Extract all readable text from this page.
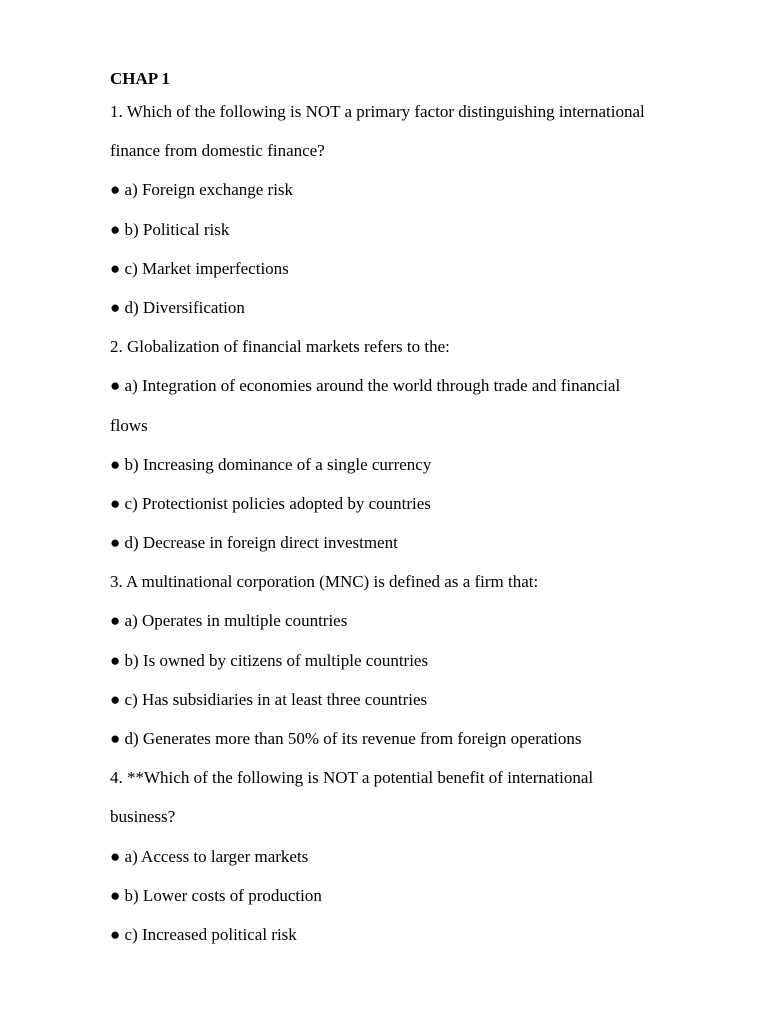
CHAP 1
1. Which of the following is NOT a primary factor distinguishing international
finance from domestic finance?
● a) Foreign exchange risk
● b) Political risk
● c) Market imperfections
● d) Diversification
2. Globalization of financial markets refers to the:
● a) Integration of economies around the world through trade and financial
flows
● b) Increasing dominance of a single currency
● c) Protectionist policies adopted by countries
● d) Decrease in foreign direct investment
3. A multinational corporation (MNC) is defined as a firm that:
● a) Operates in multiple countries
● b) Is owned by citizens of multiple countries
● c) Has subsidiaries in at least three countries
● d) Generates more than 50% of its revenue from foreign operations
4. **Which of the following is NOT a potential benefit of international
business?
● a) Access to larger markets
● b) Lower costs of production
● c) Increased political risk
